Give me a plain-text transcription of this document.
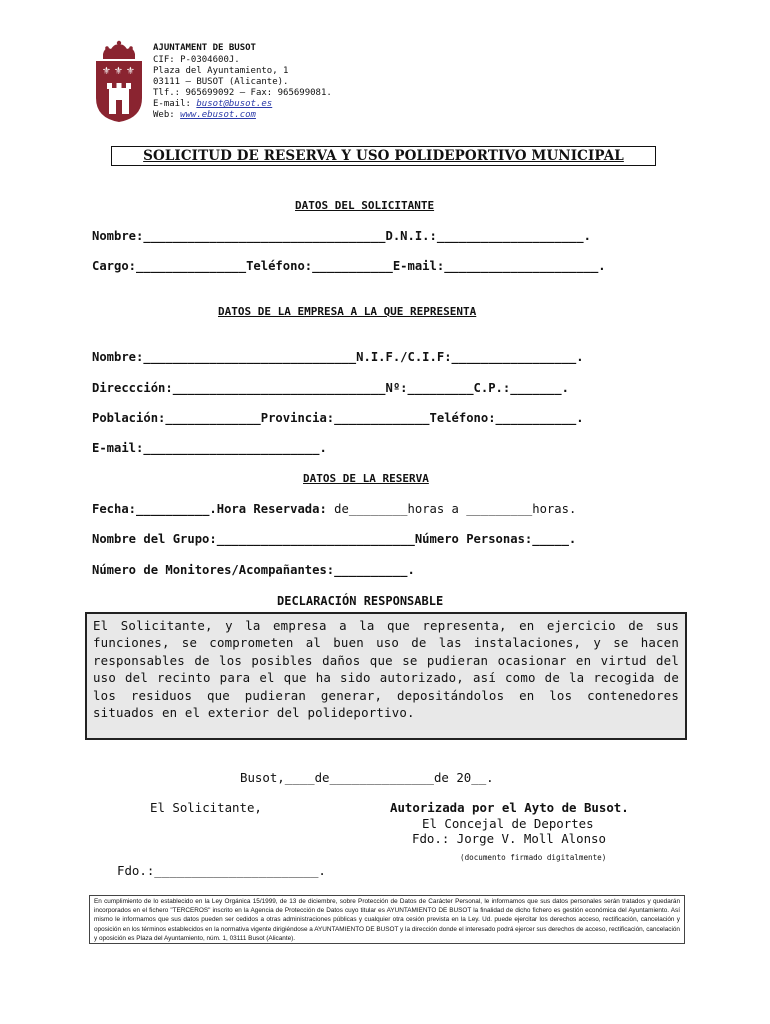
⚜ ⚜ ⚜
AJUNTAMENT DE BUSOT
CIF: P-0304600J.
Plaza del Ayuntamiento, 1
03111 – BUSOT (Alicante).
Tlf.: 965699092 – Fax: 965699081.
E-mail: busot@busot.es
Web: www.ebusot.com
SOLICITUD DE RESERVA Y USO POLIDEPORTIVO MUNICIPAL
DATOS DEL SOLICITANTE
Nombre:_________________________________D.N.I.:____________________.
Cargo:_______________Teléfono:___________E-mail:_____________________.
DATOS DE LA EMPRESA A LA QUE REPRESENTA
Nombre:_____________________________N.I.F./C.I.F:_________________.
Direccción:_____________________________Nº:_________C.P.:_______.
Población:_____________Provincia:_____________Teléfono:___________.
E-mail:________________________.
DATOS DE LA RESERVA
Fecha:__________.Hora Reservada: de________horas a _________horas.
Nombre del Grupo:___________________________Número Personas:_____.
Número de Monitores/Acompañantes:__________.
DECLARACIÓN RESPONSABLE
El Solicitante, y la empresa a la que representa, en ejercicio de sus funciones, se comprometen al buen uso de las instalaciones, y se hacen responsables de los posibles daños que se pudieran ocasionar en virtud del uso del recinto para el que ha sido autorizado, así como de la recogida de los residuos que pudieran generar, depositándolos en los contenedores situados en el exterior del polideportivo.
Busot,____de______________de 20__.
El Solicitante,	Autorizada por el Ayto de Busot.
El Concejal de Deportes
Fdo.: Jorge V. Moll Alonso
(documento firmado digitalmente)
Fdo.:______________________.
En cumplimiento de lo establecido en la Ley Orgánica 15/1999, de 13 de diciembre, sobre Protección de Datos de Carácter Personal, le informamos que sus datos personales serán tratados y quedarán incorporados en el fichero "TERCEROS" inscrito en la Agencia de Protección de Datos cuyo titular es AYUNTAMIENTO DE BUSOT la finalidad de dicho fichero es gestión económica del Ayuntamiento. Así mismo le informamos que sus datos pueden ser cedidos a otras administraciones públicas y cualquier otra cesión prevista en la Ley. Ud. puede ejercitar los derechos acceso, rectificación, cancelación y oposición en los términos establecidos en la normativa vigente dirigiéndose a AYUNTAMIENTO DE BUSOT y la dirección donde el interesado podrá ejercer sus derechos de acceso, rectificación, cancelación y oposición es Plaza del Ayuntamiento, núm. 1, 03111 Busot (Alicante).
